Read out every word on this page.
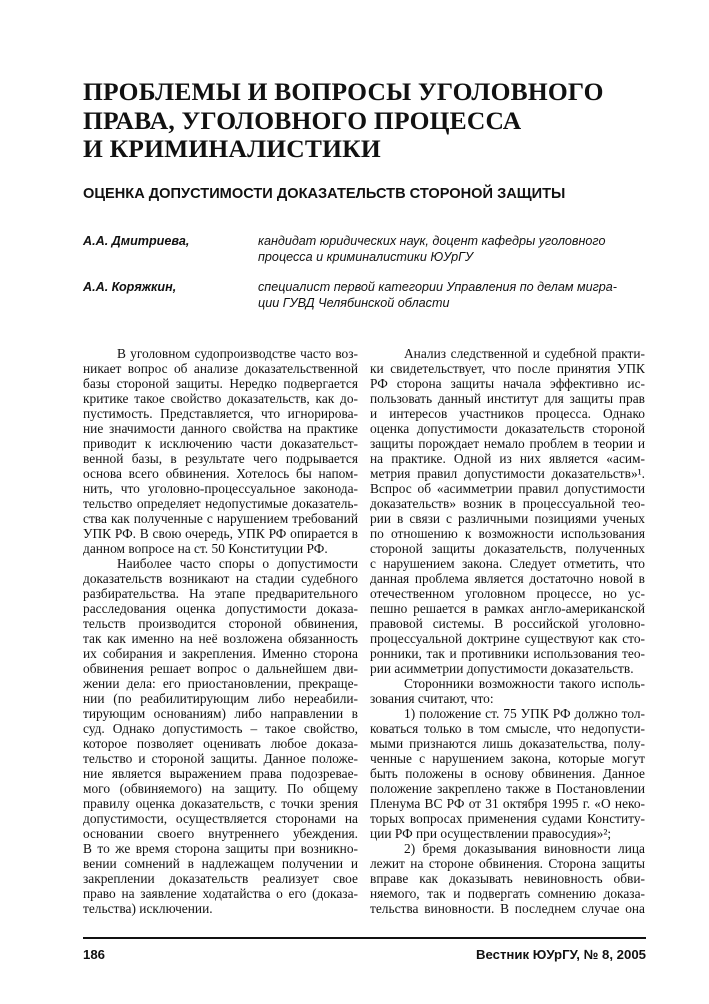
ПРОБЛЕМЫ И ВОПРОСЫ УГОЛОВНОГО
ПРАВА, УГОЛОВНОГО ПРОЦЕССА
И КРИМИНАЛИСТИКИ
ОЦЕНКА ДОПУСТИМОСТИ ДОКАЗАТЕЛЬСТВ СТОРОНОЙ ЗАЩИТЫ
А.А. Дмитриева,	кандидат юридических наук, доцент кафедры уголовного
процесса и криминалистики ЮУрГУ
А.А. Коряжкин,	специалист первой категории Управления по делам мигра-
ции ГУВД Челябинской области
В уголовном судопроизводстве часто воз-
никает вопрос об анализе доказательственной
базы стороной защиты. Нередко подвергается
критике такое свойство доказательств, как до-
пустимость. Представляется, что игнорирова-
ние значимости данного свойства на практике
приводит к исключению части доказательст-
венной базы, в результате чего подрывается
основа всего обвинения. Хотелось бы напом-
нить, что уголовно-процессуальное законода-
тельство определяет недопустимые доказатель-
ства как полученные с нарушением требований
УПК РФ. В свою очередь, УПК РФ опирается в
данном вопросе на ст. 50 Конституции РФ.
Наиболее часто споры о допустимости
доказательств возникают на стадии судебного
разбирательства. На этапе предварительного
расследования оценка допустимости доказа-
тельств производится стороной обвинения,
так как именно на неё возложена обязанность
их собирания и закрепления. Именно сторона
обвинения решает вопрос о дальнейшем дви-
жении дела: его приостановлении, прекраще-
нии (по реабилитирующим либо нереабили-
тирующим основаниям) либо направлении в
суд. Однако допустимость – такое свойство,
которое позволяет оценивать любое доказа-
тельство и стороной защиты. Данное положе-
ние является выражением права подозревае-
мого (обвиняемого) на защиту. По общему
правилу оценка доказательств, с точки зрения
допустимости, осуществляется сторонами на
основании своего внутреннего убеждения.
В то же время сторона защиты при возникно-
вении сомнений в надлежащем получении и
закреплении доказательств реализует свое
право на заявление ходатайства о его (доказа-
тельства) исключении.
Анализ следственной и судебной практи-
ки свидетельствует, что после принятия УПК
РФ сторона защиты начала эффективно ис-
пользовать данный институт для защиты прав
и интересов участников процесса. Однако
оценка допустимости доказательств стороной
защиты порождает немало проблем в теории и
на практике. Одной из них является «асим-
метрия правил допустимости доказательств»¹.
Вспрос об «асимметрии правил допустимости
доказательств» возник в процессуальной тео-
рии в связи с различными позициями ученых
по отношению к возможности использования
стороной защиты доказательств, полученных
с нарушением закона. Следует отметить, что
данная проблема является достаточно новой в
отечественном уголовном процессе, но ус-
пешно решается в рамках англо-американской
правовой системы. В российской уголовно-
процессуальной доктрине существуют как сто-
ронники, так и противники использования тео-
рии асимметрии допустимости доказательств.
Сторонники возможности такого исполь-
зования считают, что:
1) положение ст. 75 УПК РФ должно тол-
коваться только в том смысле, что недопусти-
мыми признаются лишь доказательства, полу-
ченные с нарушением закона, которые могут
быть положены в основу обвинения. Данное
положение закреплено также в Постановлении
Пленума ВС РФ от 31 октября 1995 г. «О неко-
торых вопросах применения судами Конститу-
ции РФ при осуществлении правосудия»²;
2) бремя доказывания виновности лица
лежит на стороне обвинения. Сторона защиты
вправе как доказывать невиновность обви-
няемого, так и подвергать сомнению доказа-
тельства виновности. В последнем случае она
186	Вестник ЮУрГУ, № 8, 2005
